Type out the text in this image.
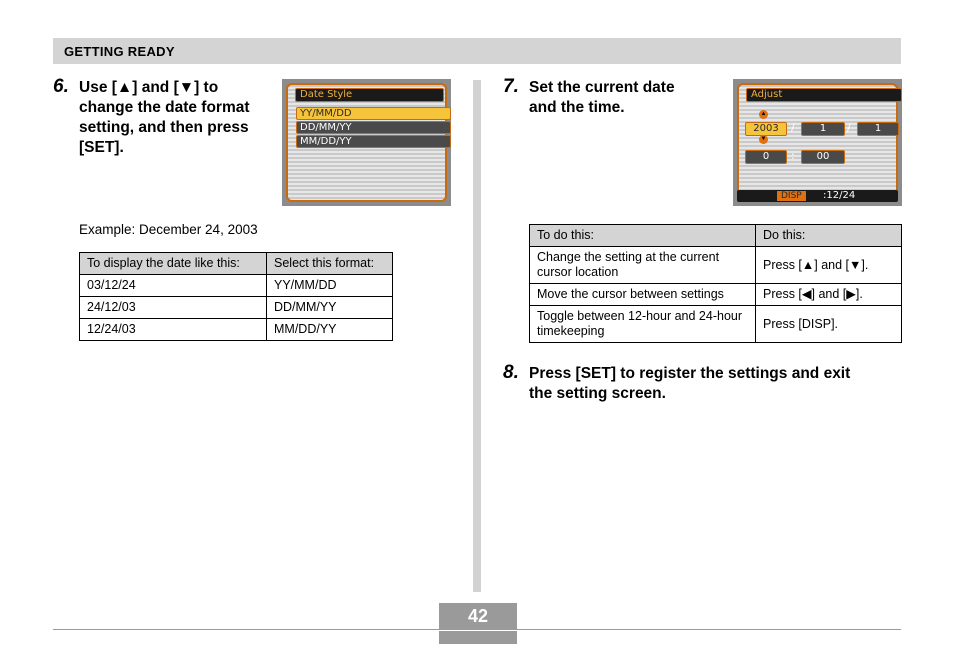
GETTING READY
6. Use [▲] and [▼] to
change the date format
setting, and then press
[SET].
Date Style
YY/MM/DD
DD/MM/YY
MM/DD/YY
Example: December 24, 2003
To display the date like this:	Select this format:
03/12/24	YY/MM/DD
24/12/03	DD/MM/YY
12/24/03	MM/DD/YY
7. Set the current date
and the time.
Adjust
▲
2003	/	1	/	1
▼
0	:	00
DISP	:12/24
To do this:	Do this:
Change the setting at the current cursor location	Press [▲] and [▼].
Move the cursor between settings	Press [◀] and [▶].
Toggle between 12-hour and 24-hour timekeeping	Press [DISP].
8. Press [SET] to register the settings and exit
the setting screen.
42
